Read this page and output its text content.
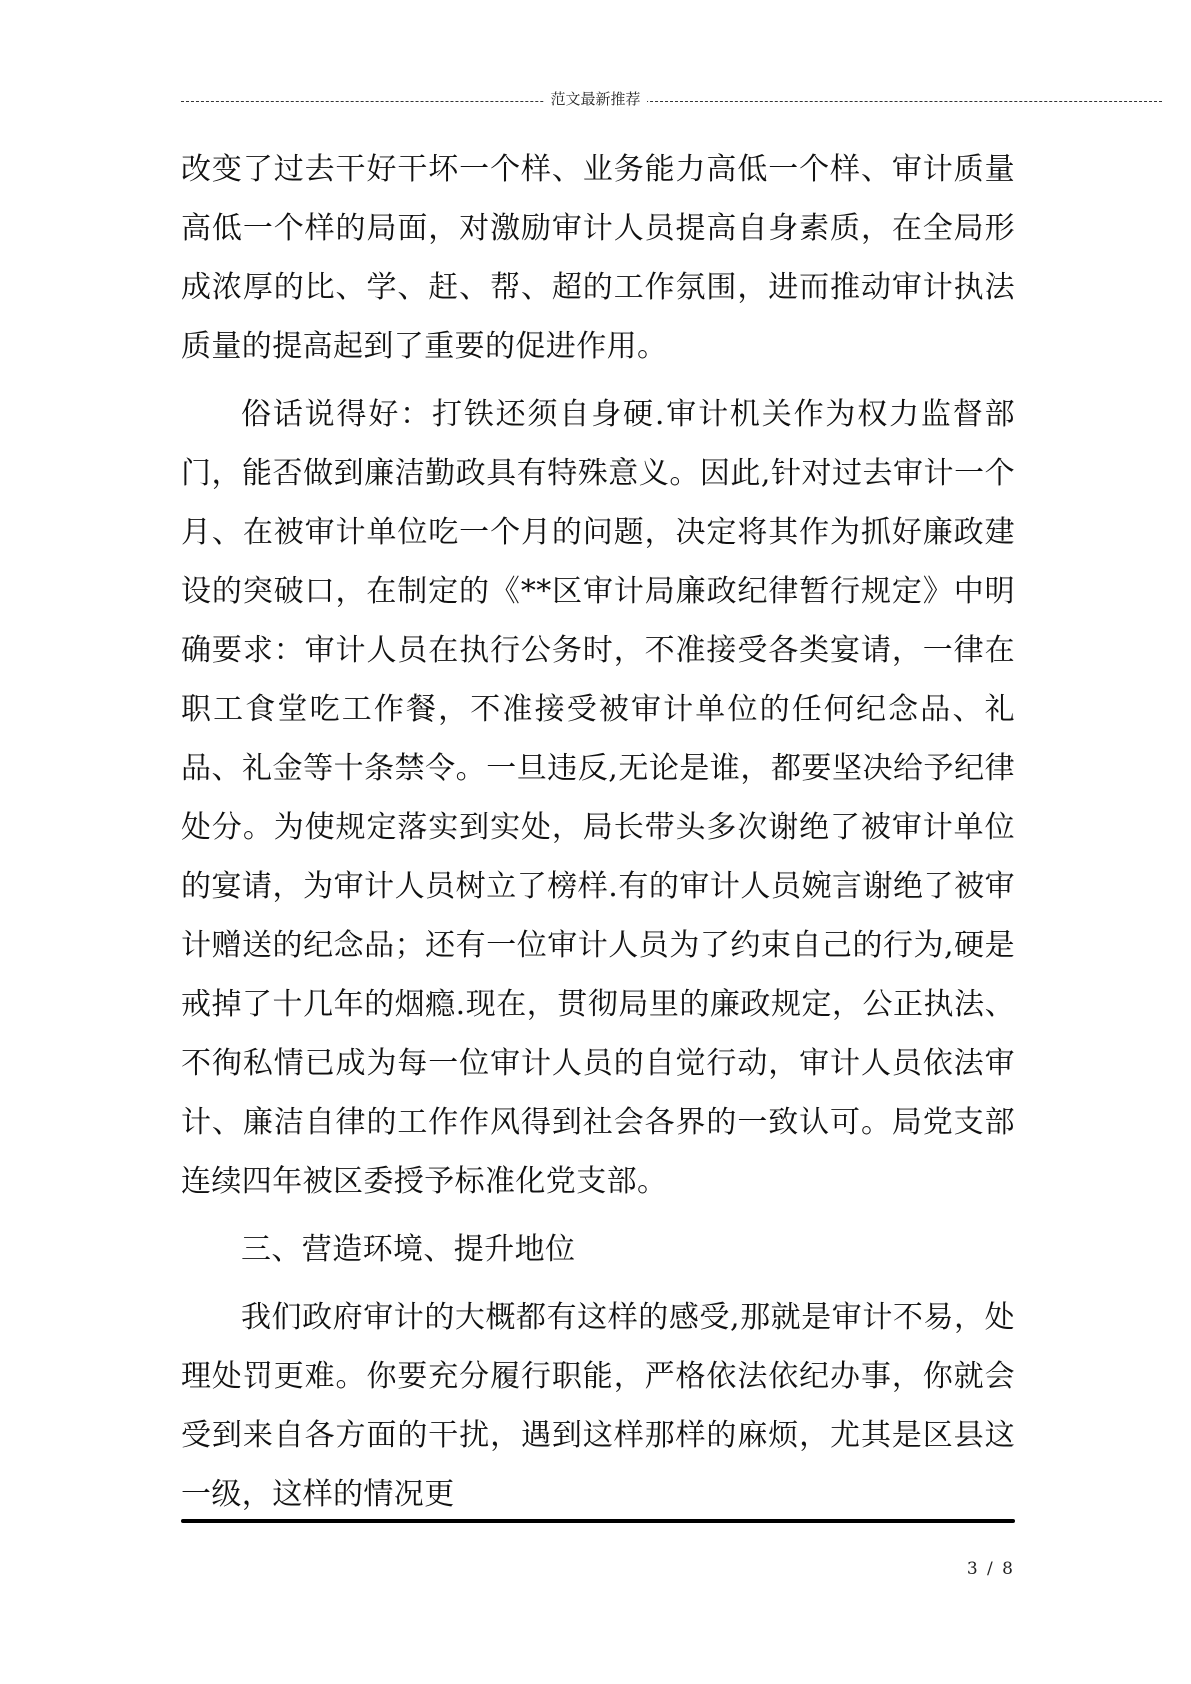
范文最新推荐

改变了过去干好干坏一个样、业务能力高低一个样、审计质量高低一个样的局面，对激励审计人员提高自身素质，在全局形成浓厚的比、学、赶、帮、超的工作氛围，进而推动审计执法质量的提高起到了重要的促进作用。

俗话说得好：打铁还须自身硬.审计机关作为权力监督部门，能否做到廉洁勤政具有特殊意义。因此,针对过去审计一个月、在被审计单位吃一个月的问题，决定将其作为抓好廉政建设的突破口，在制定的《**区审计局廉政纪律暂行规定》中明确要求：审计人员在执行公务时，不准接受各类宴请，一律在职工食堂吃工作餐，不准接受被审计单位的任何纪念品、礼品、礼金等十条禁令。一旦违反,无论是谁，都要坚决给予纪律处分。为使规定落实到实处，局长带头多次谢绝了被审计单位的宴请，为审计人员树立了榜样.有的审计人员婉言谢绝了被审计赠送的纪念品；还有一位审计人员为了约束自己的行为,硬是戒掉了十几年的烟瘾.现在，贯彻局里的廉政规定，公正执法、不徇私情已成为每一位审计人员的自觉行动，审计人员依法审计、廉洁自律的工作作风得到社会各界的一致认可。局党支部连续四年被区委授予标准化党支部。

三、营造环境、提升地位

我们政府审计的大概都有这样的感受,那就是审计不易，处理处罚更难。你要充分履行职能，严格依法依纪办事，你就会受到来自各方面的干扰，遇到这样那样的麻烦，尤其是区县这一级，这样的情况更

3 / 8
